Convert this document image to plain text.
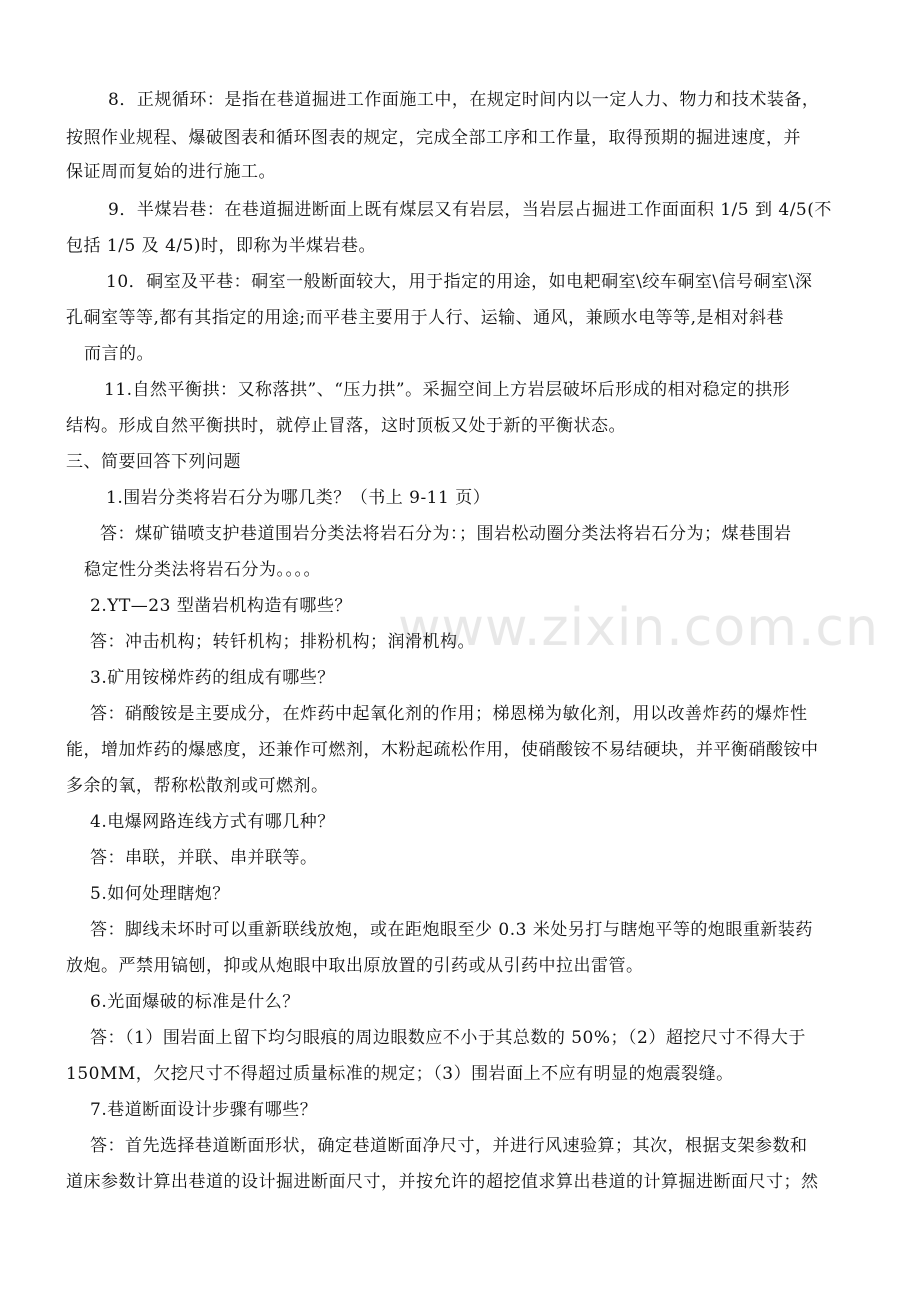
www.zixin.com.cn
8．正规循环：是指在巷道掘进工作面施工中，在规定时间内以一定人力、物力和技术装备，
按照作业规程、爆破图表和循环图表的规定，完成全部工序和工作量，取得预期的掘进速度，并
保证周而复始的进行施工。
9．半煤岩巷：在巷道掘进断面上既有煤层又有岩层，当岩层占掘进工作面面积 1/5 到 4/5(不
包括 1/5 及 4/5)时，即称为半煤岩巷。
10．硐室及平巷：硐室一般断面较大，用于指定的用途，如电耙硐室\绞车硐室\信号硐室\深
孔硐室等等,都有其指定的用途;而平巷主要用于人行、运输、通风，兼顾水电等等,是相对斜巷
而言的。
11.自然平衡拱：又称落拱”、“压力拱”。采掘空间上方岩层破坏后形成的相对稳定的拱形
结构。形成自然平衡拱时，就停止冒落，这时顶板又处于新的平衡状态。
三、简要回答下列问题
1.围岩分类将岩石分为哪几类？（书上 9-11 页）
答：煤矿锚喷支护巷道围岩分类法将岩石分为：；围岩松动圈分类法将岩石分为；煤巷围岩
稳定性分类法将岩石分为。。。。
2.YT—23 型凿岩机构造有哪些？
答：冲击机构；转钎机构；排粉机构；润滑机构。
3.矿用铵梯炸药的组成有哪些？
答：硝酸铵是主要成分，在炸药中起氧化剂的作用；梯恩梯为敏化剂，用以改善炸药的爆炸性
能，增加炸药的爆感度，还兼作可燃剂，木粉起疏松作用，使硝酸铵不易结硬块，并平衡硝酸铵中
多余的氧，帮称松散剂或可燃剂。
4.电爆网路连线方式有哪几种？
答：串联，并联、串并联等。
5.如何处理瞎炮？
答：脚线未坏时可以重新联线放炮，或在距炮眼至少 0.3 米处另打与瞎炮平等的炮眼重新装药
放炮。严禁用镐刨，抑或从炮眼中取出原放置的引药或从引药中拉出雷管。
6.光面爆破的标准是什么？
答：（1）围岩面上留下均匀眼痕的周边眼数应不小于其总数的 50%；（2）超挖尺寸不得大于
150MM，欠挖尺寸不得超过质量标准的规定；（3）围岩面上不应有明显的炮震裂缝。
7.巷道断面设计步骤有哪些？
答：首先选择巷道断面形状，确定巷道断面净尺寸，并进行风速验算；其次，根据支架参数和
道床参数计算出巷道的设计掘进断面尺寸，并按允许的超挖值求算出巷道的计算掘进断面尺寸；然
